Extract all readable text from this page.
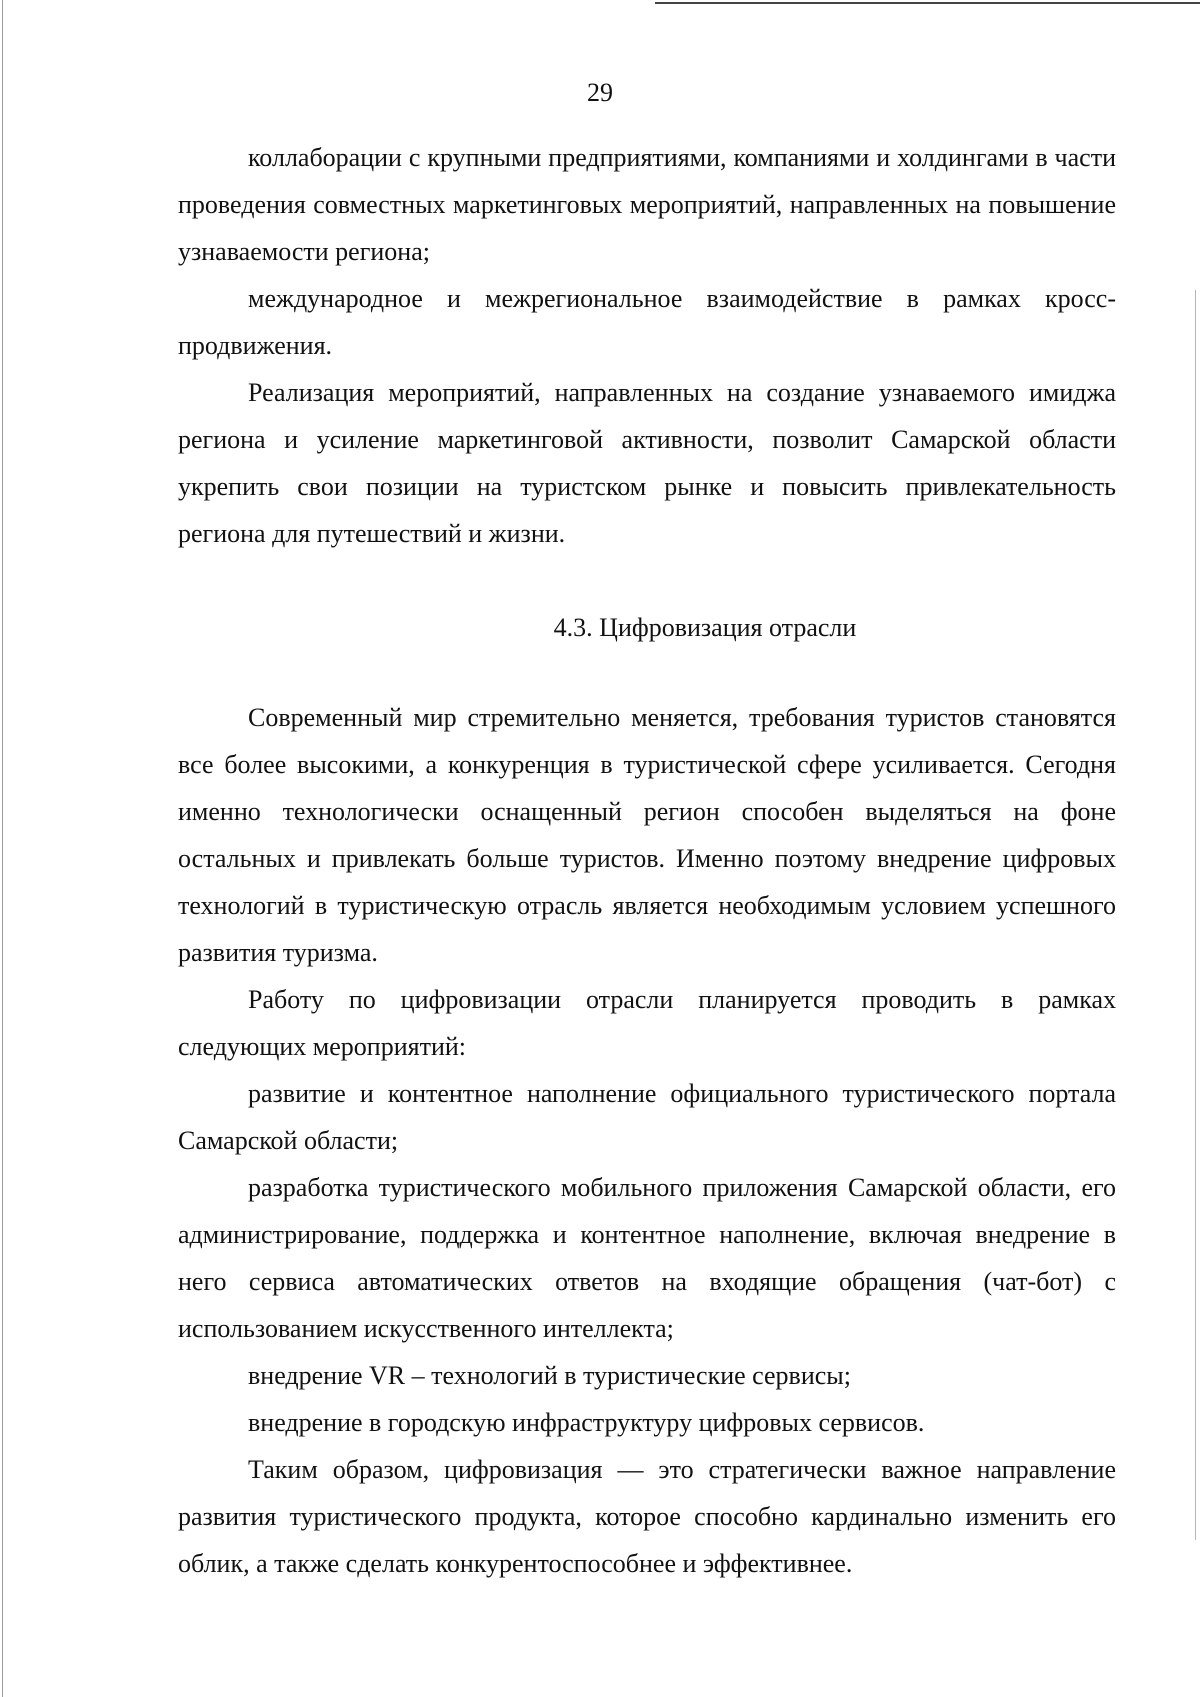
29

коллаборации с крупными предприятиями, компаниями и холдингами в части проведения совместных маркетинговых мероприятий, направленных на повышение узнаваемости региона;

международное и межрегиональное взаимодействие в рамках кросс-продвижения.

Реализация мероприятий, направленных на создание узнаваемого имиджа региона и усиление маркетинговой активности, позволит Самарской области укрепить свои позиции на туристском рынке и повысить привлекательность региона для путешествий и жизни.

4.3. Цифровизация отрасли

Современный мир стремительно меняется, требования туристов становятся все более высокими, а конкуренция в туристической сфере усиливается. Сегодня именно технологически оснащенный регион способен выделяться на фоне остальных и привлекать больше туристов. Именно поэтому внедрение цифровых технологий в туристическую отрасль является необходимым условием успешного развития туризма.

Работу по цифровизации отрасли планируется проводить в рамках следующих мероприятий:

развитие и контентное наполнение официального туристического портала Самарской области;

разработка туристического мобильного приложения Самарской области, его администрирование, поддержка и контентное наполнение, включая внедрение в него сервиса автоматических ответов на входящие обращения (чат-бот) с использованием искусственного интеллекта;

внедрение VR – технологий в туристические сервисы;

внедрение в городскую инфраструктуру цифровых сервисов.

Таким образом, цифровизация — это стратегически важное направление развития туристического продукта, которое способно кардинально изменить его облик, а также сделать конкурентоспособнее и эффективнее.
